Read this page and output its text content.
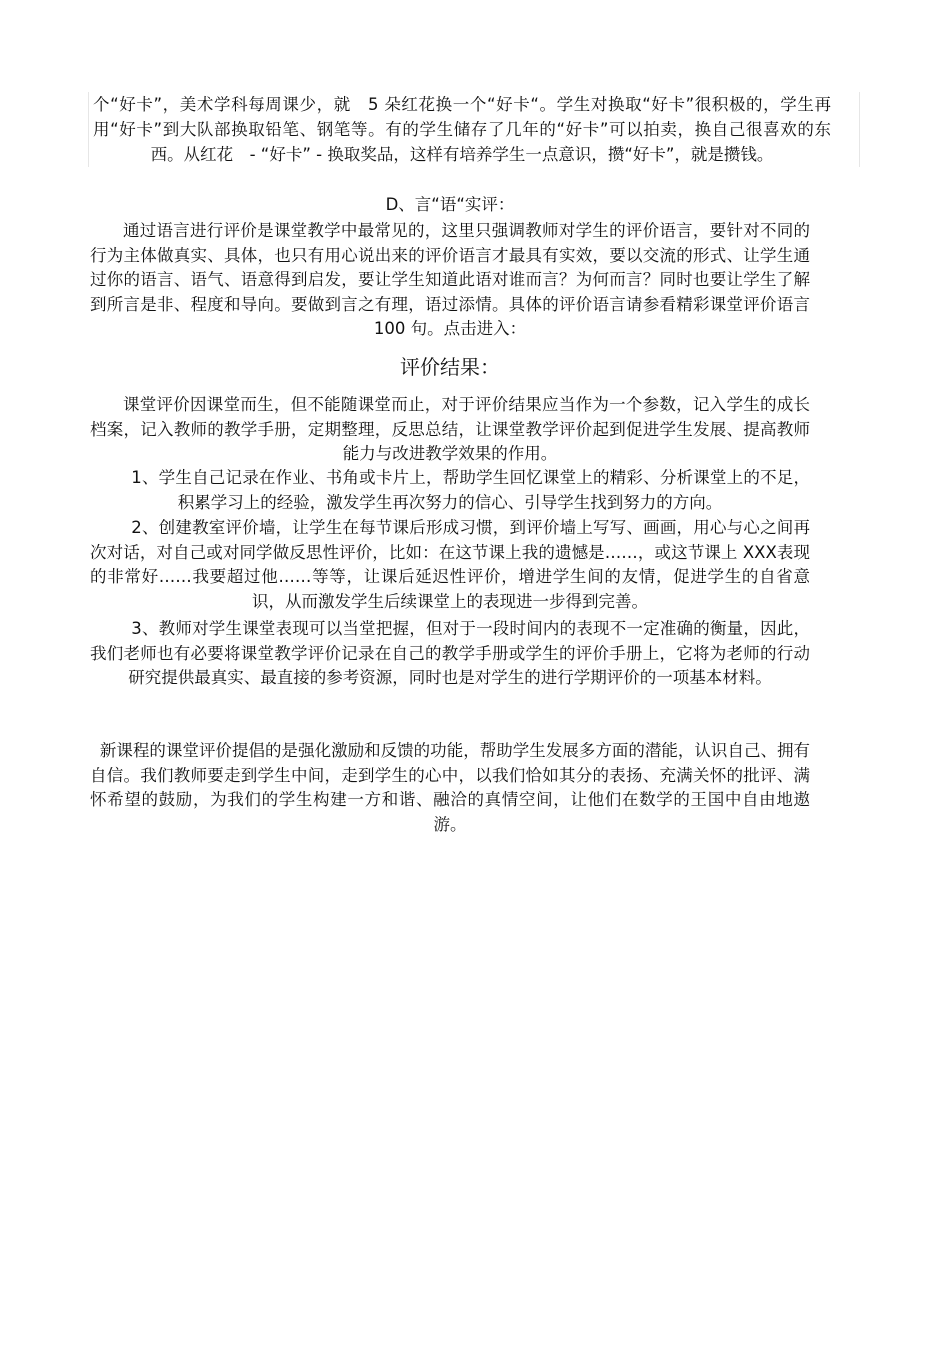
个“好卡”，美术学科每周课少，就　5 朵红花换一个“好卡“。学生对换取“好卡”很积极的，学生再用“好卡”到大队部换取铅笔、钢笔等。有的学生储存了几年的“好卡”可以拍卖，换自己很喜欢的东西。从红花　- “好卡” - 换取奖品，这样有培养学生一点意识，攒“好卡”，就是攒钱。

D、言“语“实评：

通过语言进行评价是课堂教学中最常见的，这里只强调教师对学生的评价语言，要针对不同的行为主体做真实、具体，也只有用心说出来的评价语言才最具有实效，要以交流的形式、让学生通过你的语言、语气、语意得到启发，要让学生知道此语对谁而言？为何而言？同时也要让学生了解到所言是非、程度和导向。要做到言之有理，语过添情。具体的评价语言请参看精彩课堂评价语言　100 句。点击进入：

评价结果：

课堂评价因课堂而生，但不能随课堂而止，对于评价结果应当作为一个参数，记入学生的成长档案，记入教师的教学手册，定期整理，反思总结，让课堂教学评价起到促进学生发展、提高教师能力与改进教学效果的作用。

1、学生自己记录在作业、书角或卡片上，帮助学生回忆课堂上的精彩、分析课堂上的不足，积累学习上的经验，激发学生再次努力的信心、引导学生找到努力的方向。

2、创建教室评价墙，让学生在每节课后形成习惯，到评价墙上写写、画画，用心与心之间再次对话，对自己或对同学做反思性评价，比如：在这节课上我的遗憾是……，或这节课上 XXX表现的非常好……我要超过他……等等，让课后延迟性评价，增进学生间的友情，促进学生的自省意识，从而激发学生后续课堂上的表现进一步得到完善。

3、教师对学生课堂表现可以当堂把握，但对于一段时间内的表现不一定准确的衡量，因此，我们老师也有必要将课堂教学评价记录在自己的教学手册或学生的评价手册上，它将为老师的行动研究提供最真实、最直接的参考资源，同时也是对学生的进行学期评价的一项基本材料。

新课程的课堂评价提倡的是强化激励和反馈的功能，帮助学生发展多方面的潜能，认识自己、拥有自信。我们教师要走到学生中间，走到学生的心中，以我们恰如其分的表扬、充满关怀的批评、满怀希望的鼓励，为我们的学生构建一方和谐、融洽的真情空间，让他们在数学的王国中自由地遨游。
